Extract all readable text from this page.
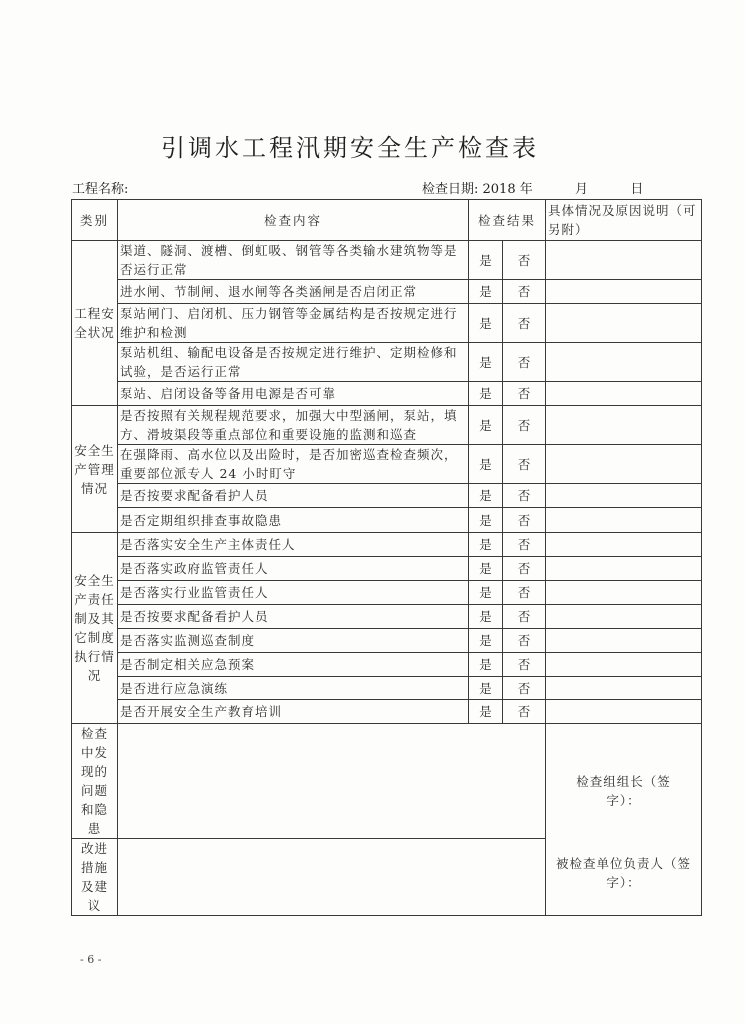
引调水工程汛期安全生产检查表
工程名称:	检查日期: 2018 年	月	日
类别	检查内容	检查结果		具体情况及原因说明（可另附）
工程安全状况	渠道、隧洞、渡槽、倒虹吸、钢管等各类输水建筑物等是否运行正常	是	否	
	进水闸、节制闸、退水闸等各类涵闸是否启闭正常	是	否	
	泵站闸门、启闭机、压力钢管等金属结构是否按规定进行维护和检测	是	否	
	泵站机组、输配电设备是否按规定进行维护、定期检修和试验，是否运行正常	是	否	
	泵站、启闭设备等备用电源是否可靠	是	否	
安全生产管理情况	是否按照有关规程规范要求，加强大中型涵闸，泵站，填方、滑坡渠段等重点部位和重要设施的监测和巡查	是	否	
	在强降雨、高水位以及出险时，是否加密巡查检查频次，重要部位派专人 24 小时盯守	是	否	
	是否按要求配备看护人员	是	否	
	是否定期组织排查事故隐患	是	否	
安全生产责任制及其它制度执行情况	是否落实安全生产主体责任人	是	否	
	是否落实政府监管责任人	是	否	
	是否落实行业监管责任人	是	否	
	是否按要求配备看护人员	是	否	
	是否落实监测巡查制度	是	否	
	是否制定相关应急预案	是	否	
	是否进行应急演练	是	否	
	是否开展安全生产教育培训	是	否	
检查中发现的问题和隐患				检查组组长（签字）：
被检查单位负责人（签字）：

改进措施及建议				
- 6 -
